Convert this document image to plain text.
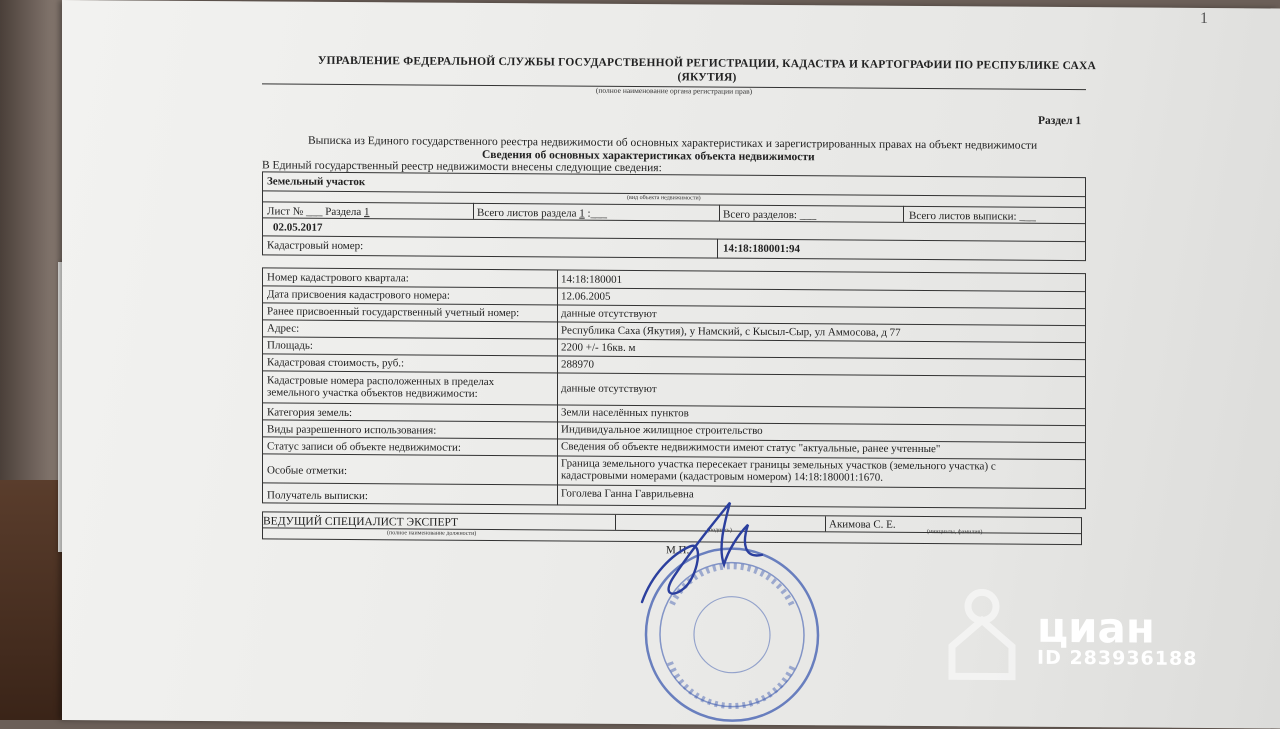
1
УПРАВЛЕНИЕ ФЕДЕРАЛЬНОЙ СЛУЖБЫ ГОСУДАРСТВЕННОЙ РЕГИСТРАЦИИ, КАДАСТРА И КАРТОГРАФИИ ПО РЕСПУБЛИКЕ САХА
(ЯКУТИЯ)
(полное наименование органа регистрации прав)
Раздел 1
Выписка из Единого государственного реестра недвижимости об основных характеристиках и зарегистрированных правах на объект недвижимости
Сведения об основных характеристиках объекта недвижимости
В Единый государственный реестр недвижимости внесены следующие сведения:
Земельный участок
(вид объекта недвижимости)
Лист № ___ Раздела 1	Всего листов раздела 1 :___	Всего разделов: ___	Всего листов выписки: ___
02.05.2017
Кадастровый номер:	14:18:180001:94
Номер кадастрового квартала:	14:18:180001
Дата присвоения кадастрового номера:	12.06.2005
Ранее присвоенный государственный учетный номер:	данные отсутствуют
Адрес:	Республика Саха (Якутия), у Намский, с Кысыл-Сыр, ул Аммосова, д 77
Площадь:	2200 +/- 16кв. м
Кадастровая стоимость, руб.:	288970
Кадастровые номера расположенных в пределах
земельного участка объектов недвижимости:	данные отсутствуют
Категория земель:	Земли населённых пунктов
Виды разрешенного использования:	Индивидуальное жилищное строительство
Статус записи об объекте недвижимости:	Сведения об объекте недвижимости имеют статус "актуальные, ранее учтенные"
Особые отметки:	Граница земельного участка пересекает границы земельных участков (земельного участка) с
кадастровыми номерами (кадастровым номером) 14:18:180001:1670.
Получатель выписки:	Гоголева Ганна Гаврильевна
ВЕДУЩИЙ СПЕЦИАЛИСТ ЭКСПЕРТ	Акимова С. Е.
(полное наименование должности)	(подпись)	(инициалы, фамилия)
М.П.
циан
ID 283936188
